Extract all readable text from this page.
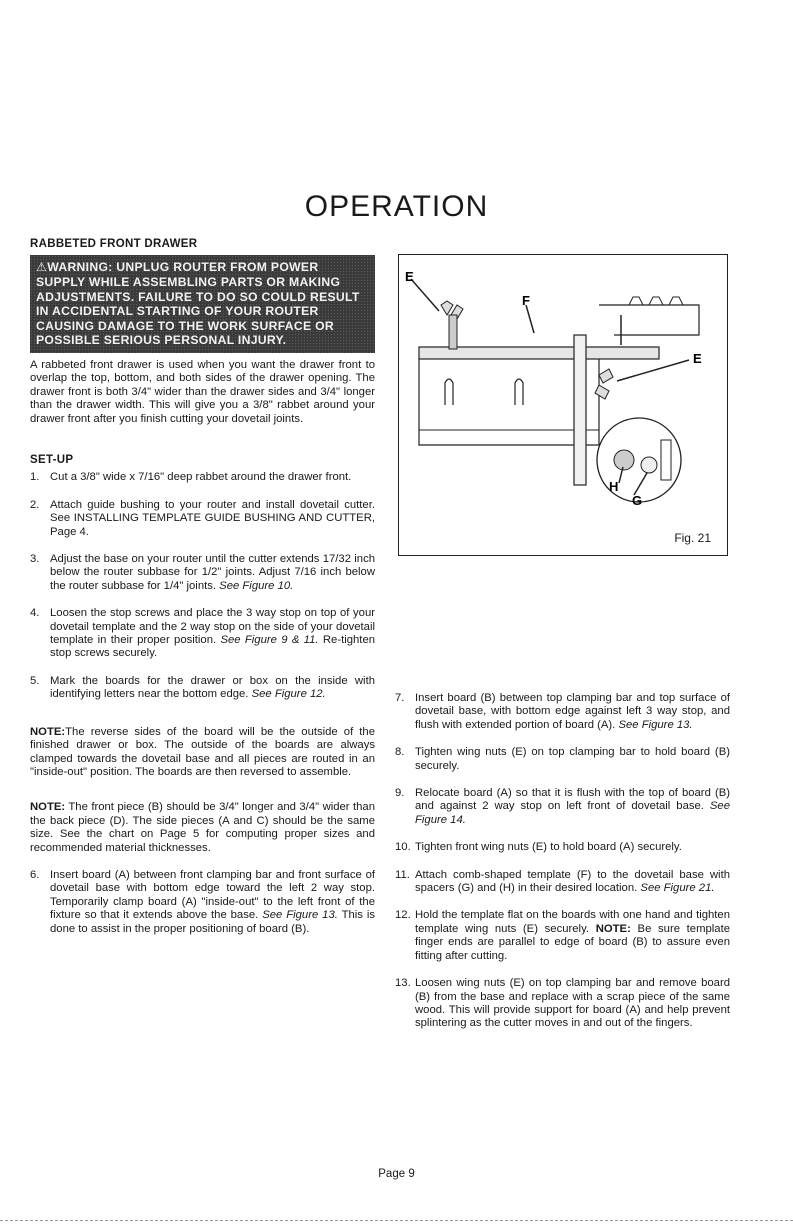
OPERATION
RABBETED FRONT DRAWER
⚠WARNING: UNPLUG ROUTER FROM POWER SUPPLY WHILE ASSEMBLING PARTS OR MAKING ADJUSTMENTS. FAILURE TO DO SO COULD RESULT IN ACCIDENTAL STARTING OF YOUR ROUTER CAUSING DAMAGE TO THE WORK SURFACE OR POSSIBLE SERIOUS PERSONAL INJURY.

A rabbeted front drawer is used when you want the drawer front to overlap the top, bottom, and both sides of the drawer opening. The drawer front is both 3/4" wider than the drawer sides and 3/4" longer than the drawer width. This will give you a 3/8" rabbet around your drawer front after you finish cutting your dovetail joints.

SET-UP
1. Cut a 3/8" wide x 7/16" deep rabbet around the drawer front.
2. Attach guide bushing to your router and install dovetail cutter. See INSTALLING TEMPLATE GUIDE BUSHING AND CUTTER, Page 4.
3. Adjust the base on your router until the cutter extends 17/32 inch below the router subbase for 1/2" joints. Adjust 7/16 inch below the router subbase for 1/4" joints. See Figure 10.
4. Loosen the stop screws and place the 3 way stop on top of your dovetail template and the 2 way stop on the side of your dovetail template in their proper position. See Figure 9 & 11. Re-tighten stop screws securely.
5. Mark the boards for the drawer or box on the inside with identifying letters near the bottom edge. See Figure 12.

NOTE:The reverse sides of the board will be the outside of the finished drawer or box. The outside of the boards are always clamped towards the dovetail base and all pieces are routed in an "inside-out" position. The boards are then reversed to assemble.

NOTE: The front piece (B) should be 3/4" longer and 3/4" wider than the back piece (D). The side pieces (A and C) should be the same size. See the chart on Page 5 for computing proper sizes and recommended material thicknesses.

6. Insert board (A) between front clamping bar and front surface of dovetail base with bottom edge toward the left 2 way stop. Temporarily clamp board (A) "inside-out" to the left front of the fixture so that it extends above the base. See Figure 13. This is done to assist in the proper positioning of board (B).
E
F
E
H
G
Fig. 21
7. Insert board (B) between top clamping bar and top surface of dovetail base, with bottom edge against left 3 way stop, and flush with extended portion of board (A). See Figure 13.
8. Tighten wing nuts (E) on top clamping bar to hold board (B) securely.
9. Relocate board (A) so that it is flush with the top of board (B) and against 2 way stop on left front of dovetail base. See Figure 14.
10. Tighten front wing nuts (E) to hold board (A) securely.
11. Attach comb-shaped template (F) to the dovetail base with spacers (G) and (H) in their desired location. See Figure 21.
12. Hold the template flat on the boards with one hand and tighten template wing nuts (E) securely. NOTE: Be sure template finger ends are parallel to edge of board (B) to assure even fitting after cutting.
13. Loosen wing nuts (E) on top clamping bar and remove board (B) from the base and replace with a scrap piece of the same wood. This will provide support for board (A) and help prevent splintering as the cutter moves in and out of the fingers.
Page 9
